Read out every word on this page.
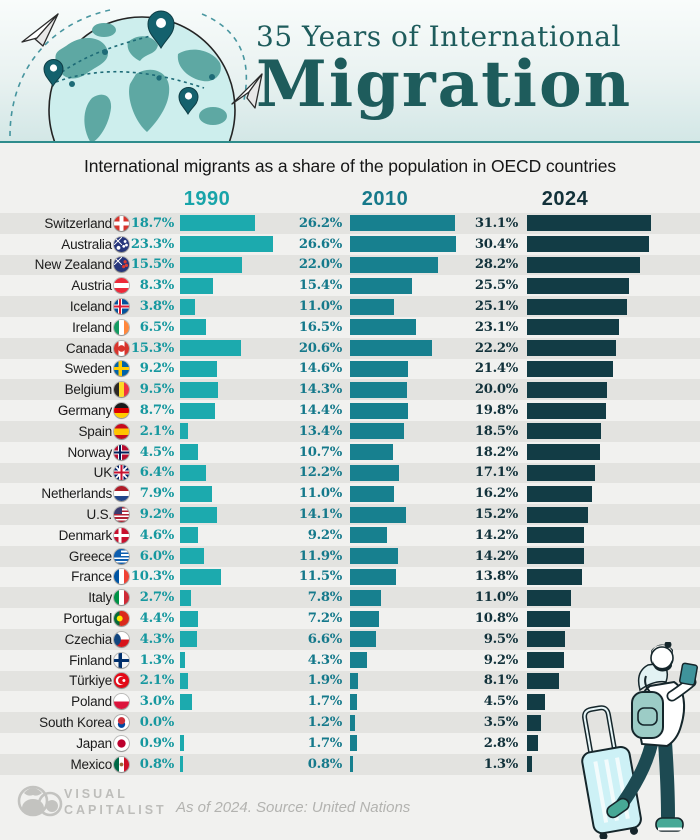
35 Years of International
Migration
International migrants as a share of the population in OECD countries
1990	2010	2024
Switzerland 18.7%	26.2%	31.1%
Australia 23.3%	26.6%	30.4%
New Zealand 15.5%	22.0%	28.2%
Austria	8.3%	15.4%	25.5%
Iceland	3.8%	11.0%	25.1%
Ireland	6.5%	16.5%	23.1%
Canada 15.3%	20.6%	22.2%
Sweden	9.2%	14.6%	21.4%
Belgium	9.5%	14.3%	20.0%
Germany	8.7%	14.4%	19.8%
Spain	2.1%	13.4%	18.5%
Norway	4.5%	10.7%	18.2%
UK	6.4%	12.2%	17.1%
Netherlands	7.9%	11.0%	16.2%
U.S.	9.2%	14.1%	15.2%
Denmark	4.6%	9.2%	14.2%
Greece	6.0%	11.9%	14.2%
France 10.3%	11.5%	13.8%
Italy	2.7%	7.8%	11.0%
Portugal	4.4%	7.2%	10.8%
Czechia	4.3%	6.6%	9.5%
Finland	1.3%	4.3%	9.2%
Türkiye	2.1%	1.9%	8.1%
Poland	3.0%	1.7%	4.5%
South Korea	0.0%	1.2%	3.5%
Japan	0.9%	1.7%	2.8%
Mexico	0.8%	0.8%	1.3%
VISUAL
CAPITALIST As of 2024. Source: United Nations
